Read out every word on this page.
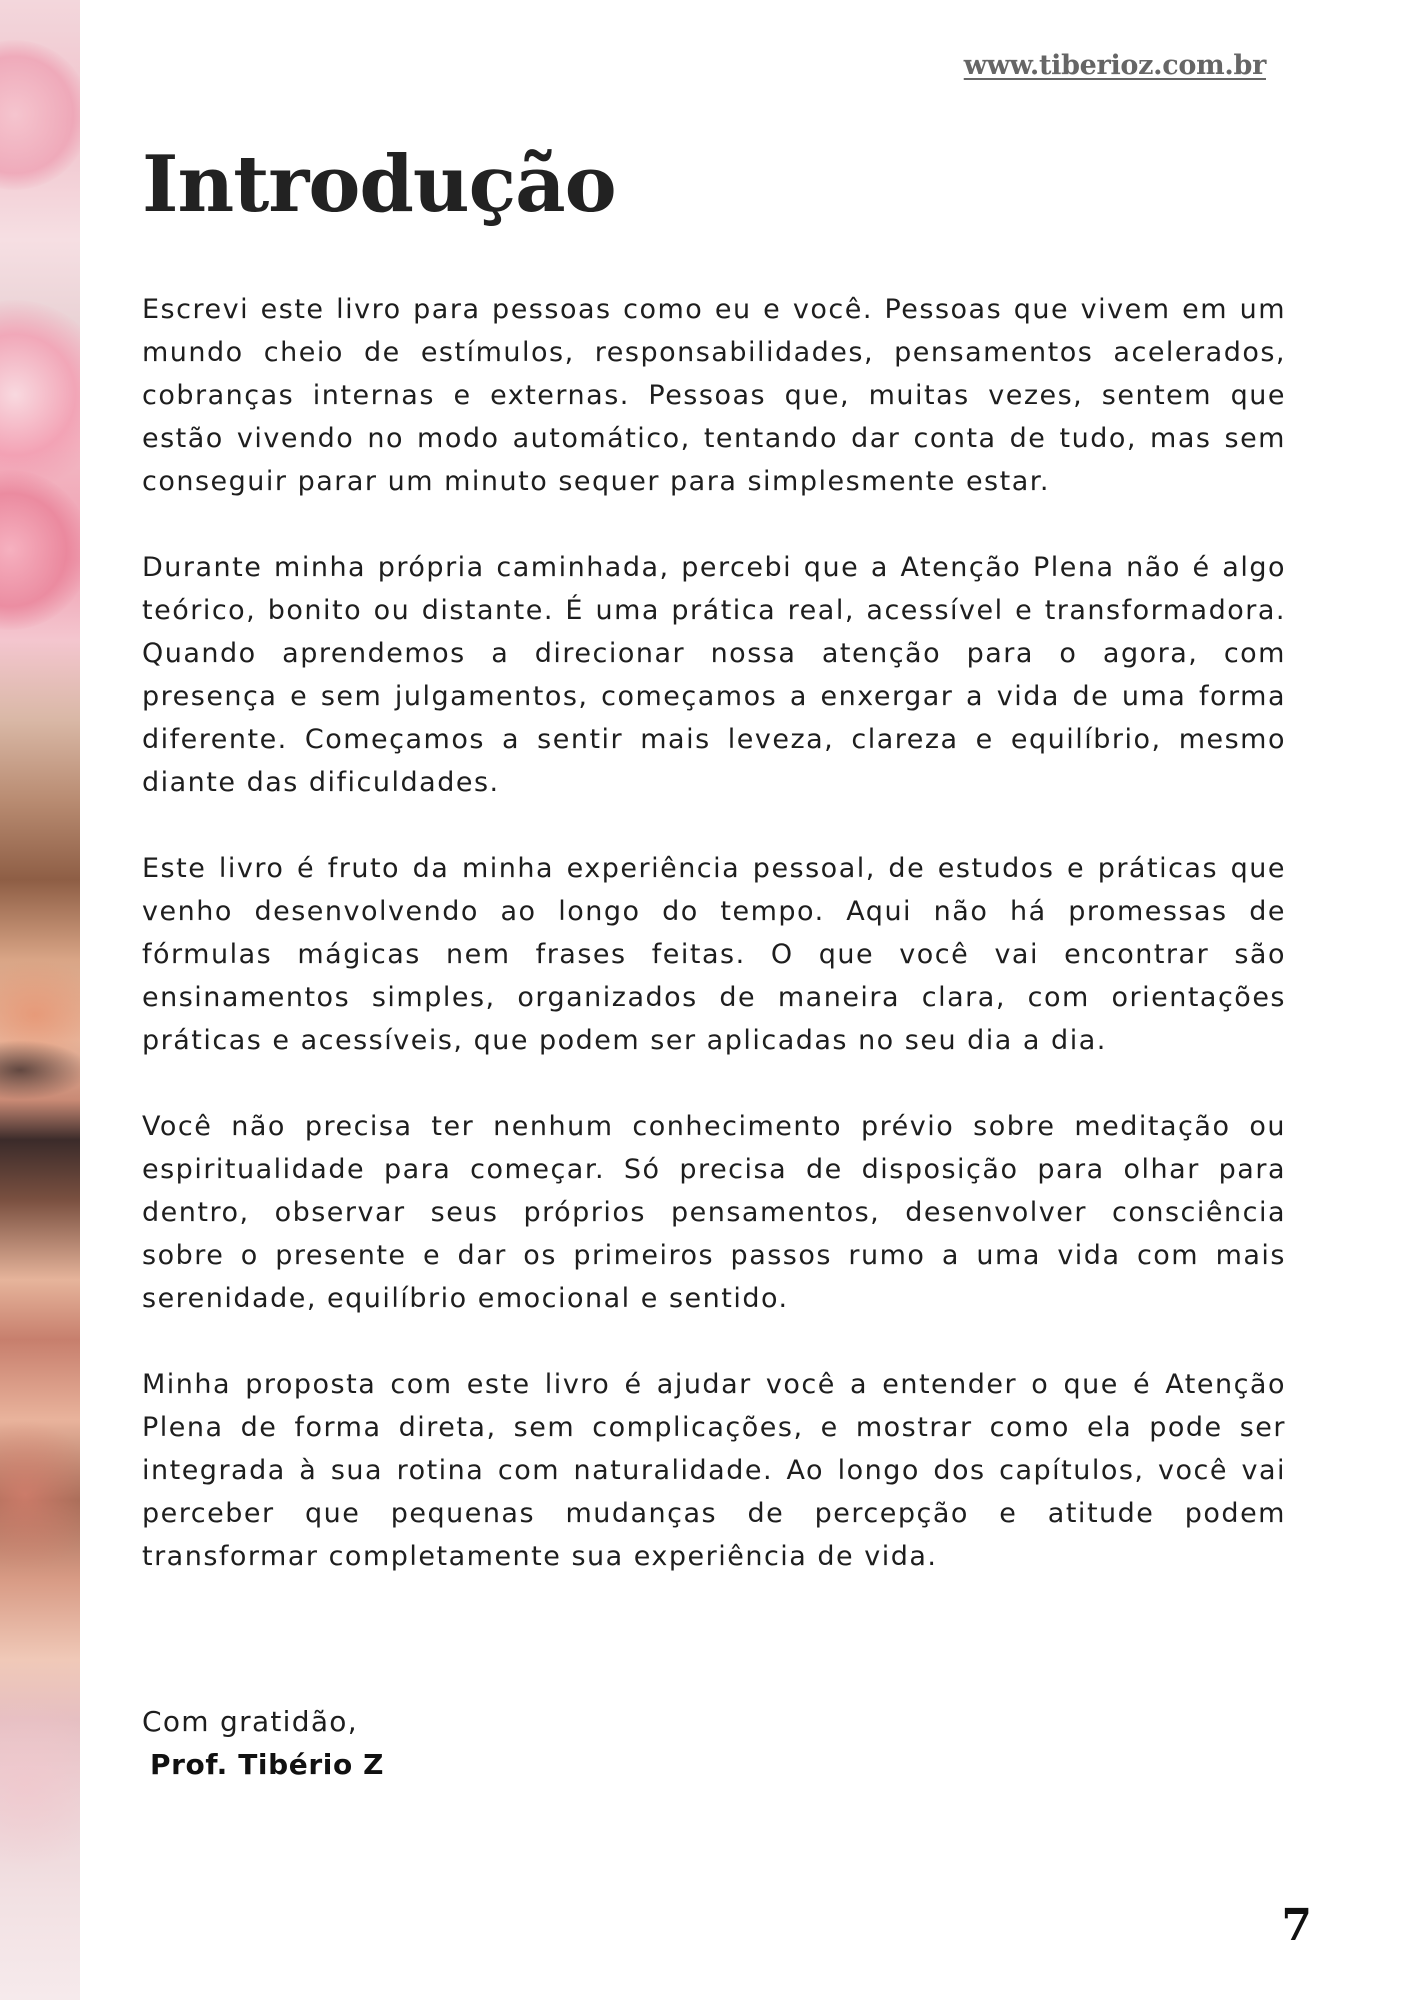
www.tiberioz.com.br
Introdução

Escrevi este livro para pessoas como eu e você. Pessoas que vivem em um mundo cheio de estímulos, responsabilidades, pensamentos acelerados, cobranças internas e externas. Pessoas que, muitas vezes, sentem que estão vivendo no modo automático, tentando dar conta de tudo, mas sem conseguir parar um minuto sequer para simplesmente estar.

Durante minha própria caminhada, percebi que a Atenção Plena não é algo teórico, bonito ou distante. É uma prática real, acessível e transformadora. Quando aprendemos a direcionar nossa atenção para o agora, com presença e sem julgamentos, começamos a enxergar a vida de uma forma diferente. Começamos a sentir mais leveza, clareza e equilíbrio, mesmo diante das dificuldades.

Este livro é fruto da minha experiência pessoal, de estudos e práticas que venho desenvolvendo ao longo do tempo. Aqui não há promessas de fórmulas mágicas nem frases feitas. O que você vai encontrar são ensinamentos simples, organizados de maneira clara, com orientações práticas e acessíveis, que podem ser aplicadas no seu dia a dia.

Você não precisa ter nenhum conhecimento prévio sobre meditação ou espiritualidade para começar. Só precisa de disposição para olhar para dentro, observar seus próprios pensamentos, desenvolver consciência sobre o presente e dar os primeiros passos rumo a uma vida com mais serenidade, equilíbrio emocional e sentido.

Minha proposta com este livro é ajudar você a entender o que é Atenção Plena de forma direta, sem complicações, e mostrar como ela pode ser integrada à sua rotina com naturalidade. Ao longo dos capítulos, você vai perceber que pequenas mudanças de percepção e atitude podem transformar completamente sua experiência de vida.

Com gratidão,
Prof. Tibério Z
7
